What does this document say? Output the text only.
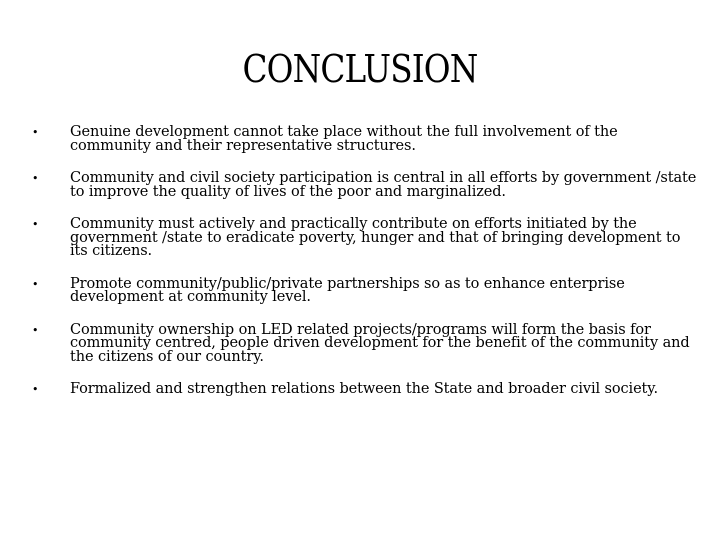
CONCLUSION
• Genuine development cannot take place without the full involvement of the community and their representative structures.
• Community and civil society participation is central in all efforts by government /state to improve the quality of lives of the poor and marginalized.
• Community must actively and practically contribute on efforts initiated by the government /state to eradicate poverty, hunger and that of bringing development to its citizens.
• Promote community/public/private partnerships so as to enhance enterprise development at community level.
• Community ownership on LED related projects/programs will form the basis for community centred, people driven development for the benefit of the community and the citizens of our country.
• Formalized and strengthen relations between the State and broader civil society.
